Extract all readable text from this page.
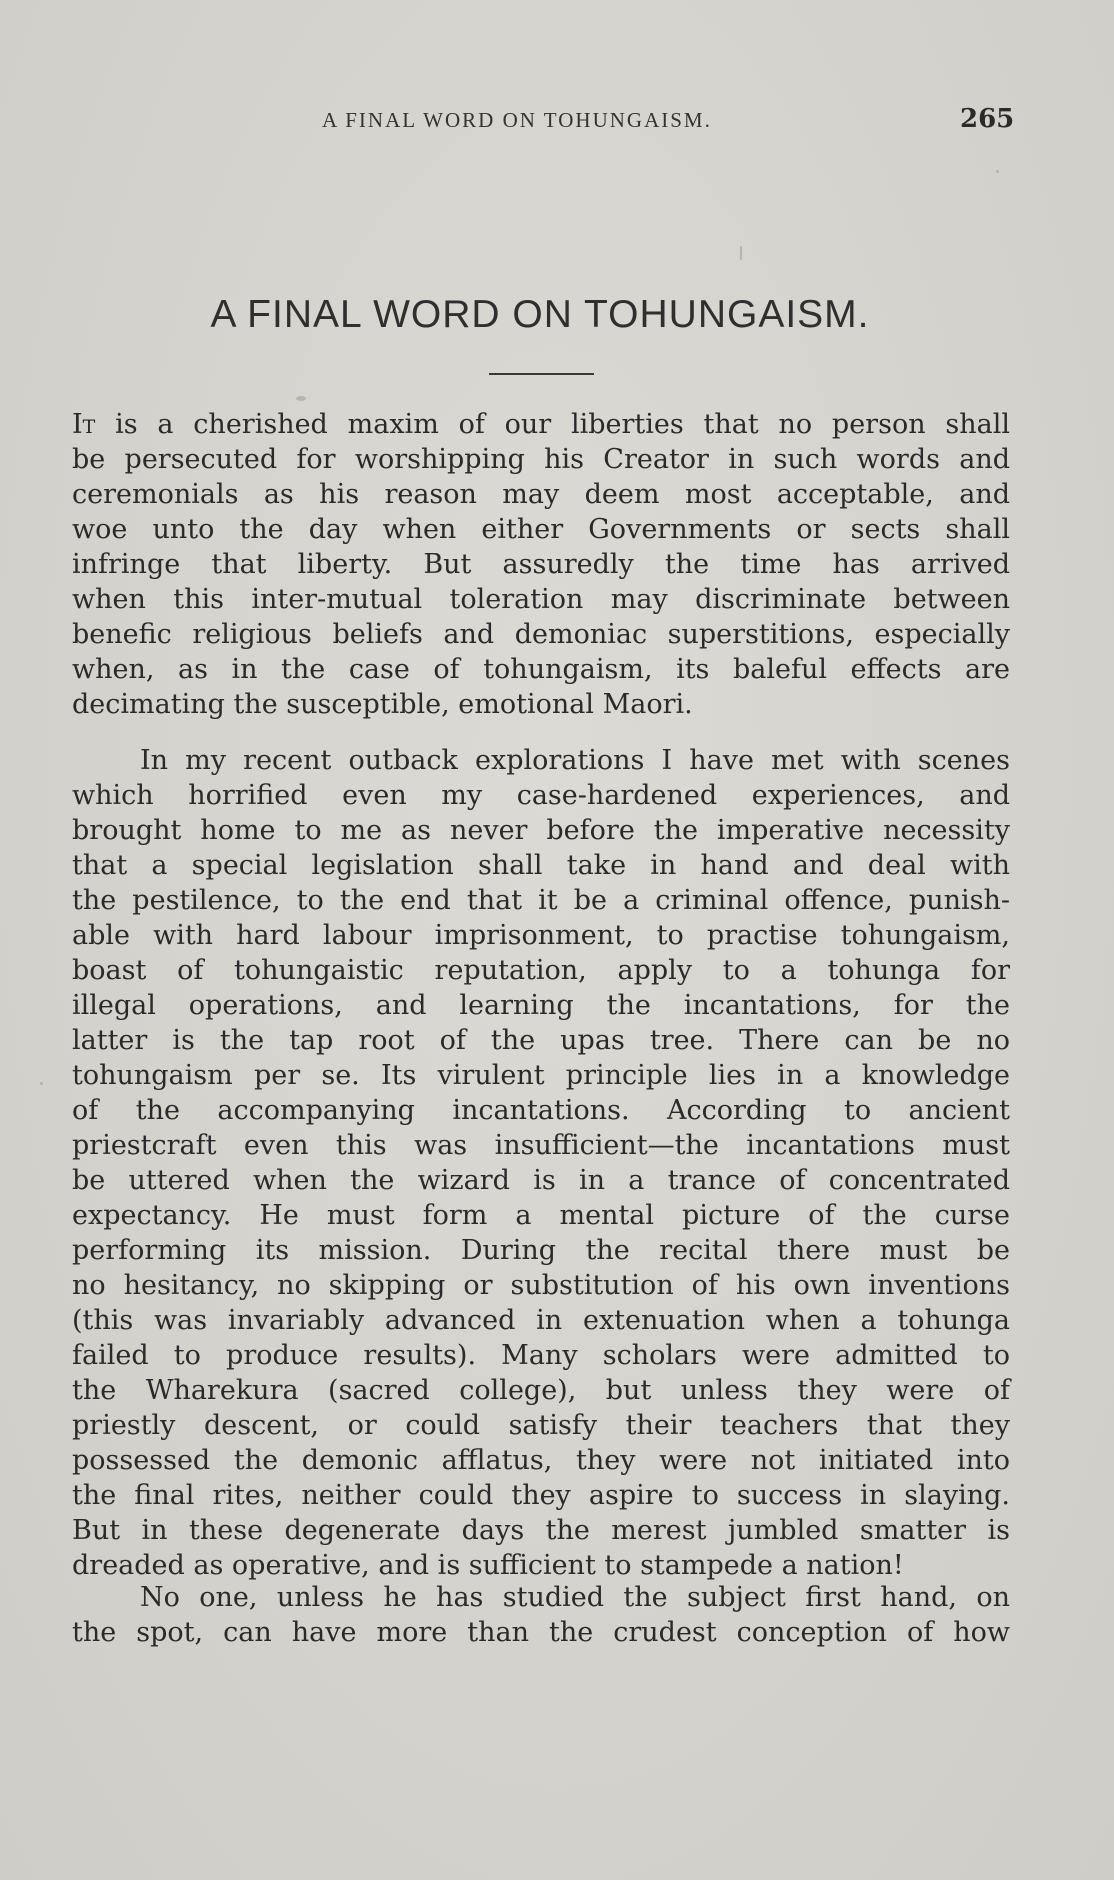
A FINAL WORD ON TOHUNGAISM.	265
A FINAL WORD ON TOHUNGAISM.
It is a cherished maxim of our liberties that no person shall
be persecuted for worshipping his Creator in such words and
ceremonials as his reason may deem most acceptable, and
woe unto the day when either Governments or sects shall
infringe that liberty. But assuredly the time has arrived
when this inter-mutual toleration may discriminate between
benefic religious beliefs and demoniac superstitions, especially
when, as in the case of tohungaism, its baleful effects are
decimating the susceptible, emotional Maori.
In my recent outback explorations I have met with scenes
which horrified even my case-hardened experiences, and
brought home to me as never before the imperative necessity
that a special legislation shall take in hand and deal with
the pestilence, to the end that it be a criminal offence, punish-
able with hard labour imprisonment, to practise tohungaism,
boast of tohungaistic reputation, apply to a tohunga for
illegal operations, and learning the incantations, for the
latter is the tap root of the upas tree. There can be no
tohungaism per se. Its virulent principle lies in a knowledge
of the accompanying incantations. According to ancient
priestcraft even this was insufficient—the incantations must
be uttered when the wizard is in a trance of concentrated
expectancy. He must form a mental picture of the curse
performing its mission. During the recital there must be
no hesitancy, no skipping or substitution of his own inventions
(this was invariably advanced in extenuation when a tohunga
failed to produce results). Many scholars were admitted to
the Wharekura (sacred college), but unless they were of
priestly descent, or could satisfy their teachers that they
possessed the demonic afflatus, they were not initiated into
the final rites, neither could they aspire to success in slaying.
But in these degenerate days the merest jumbled smatter is
dreaded as operative, and is sufficient to stampede a nation!
No one, unless he has studied the subject first hand, on
the spot, can have more than the crudest conception of how
